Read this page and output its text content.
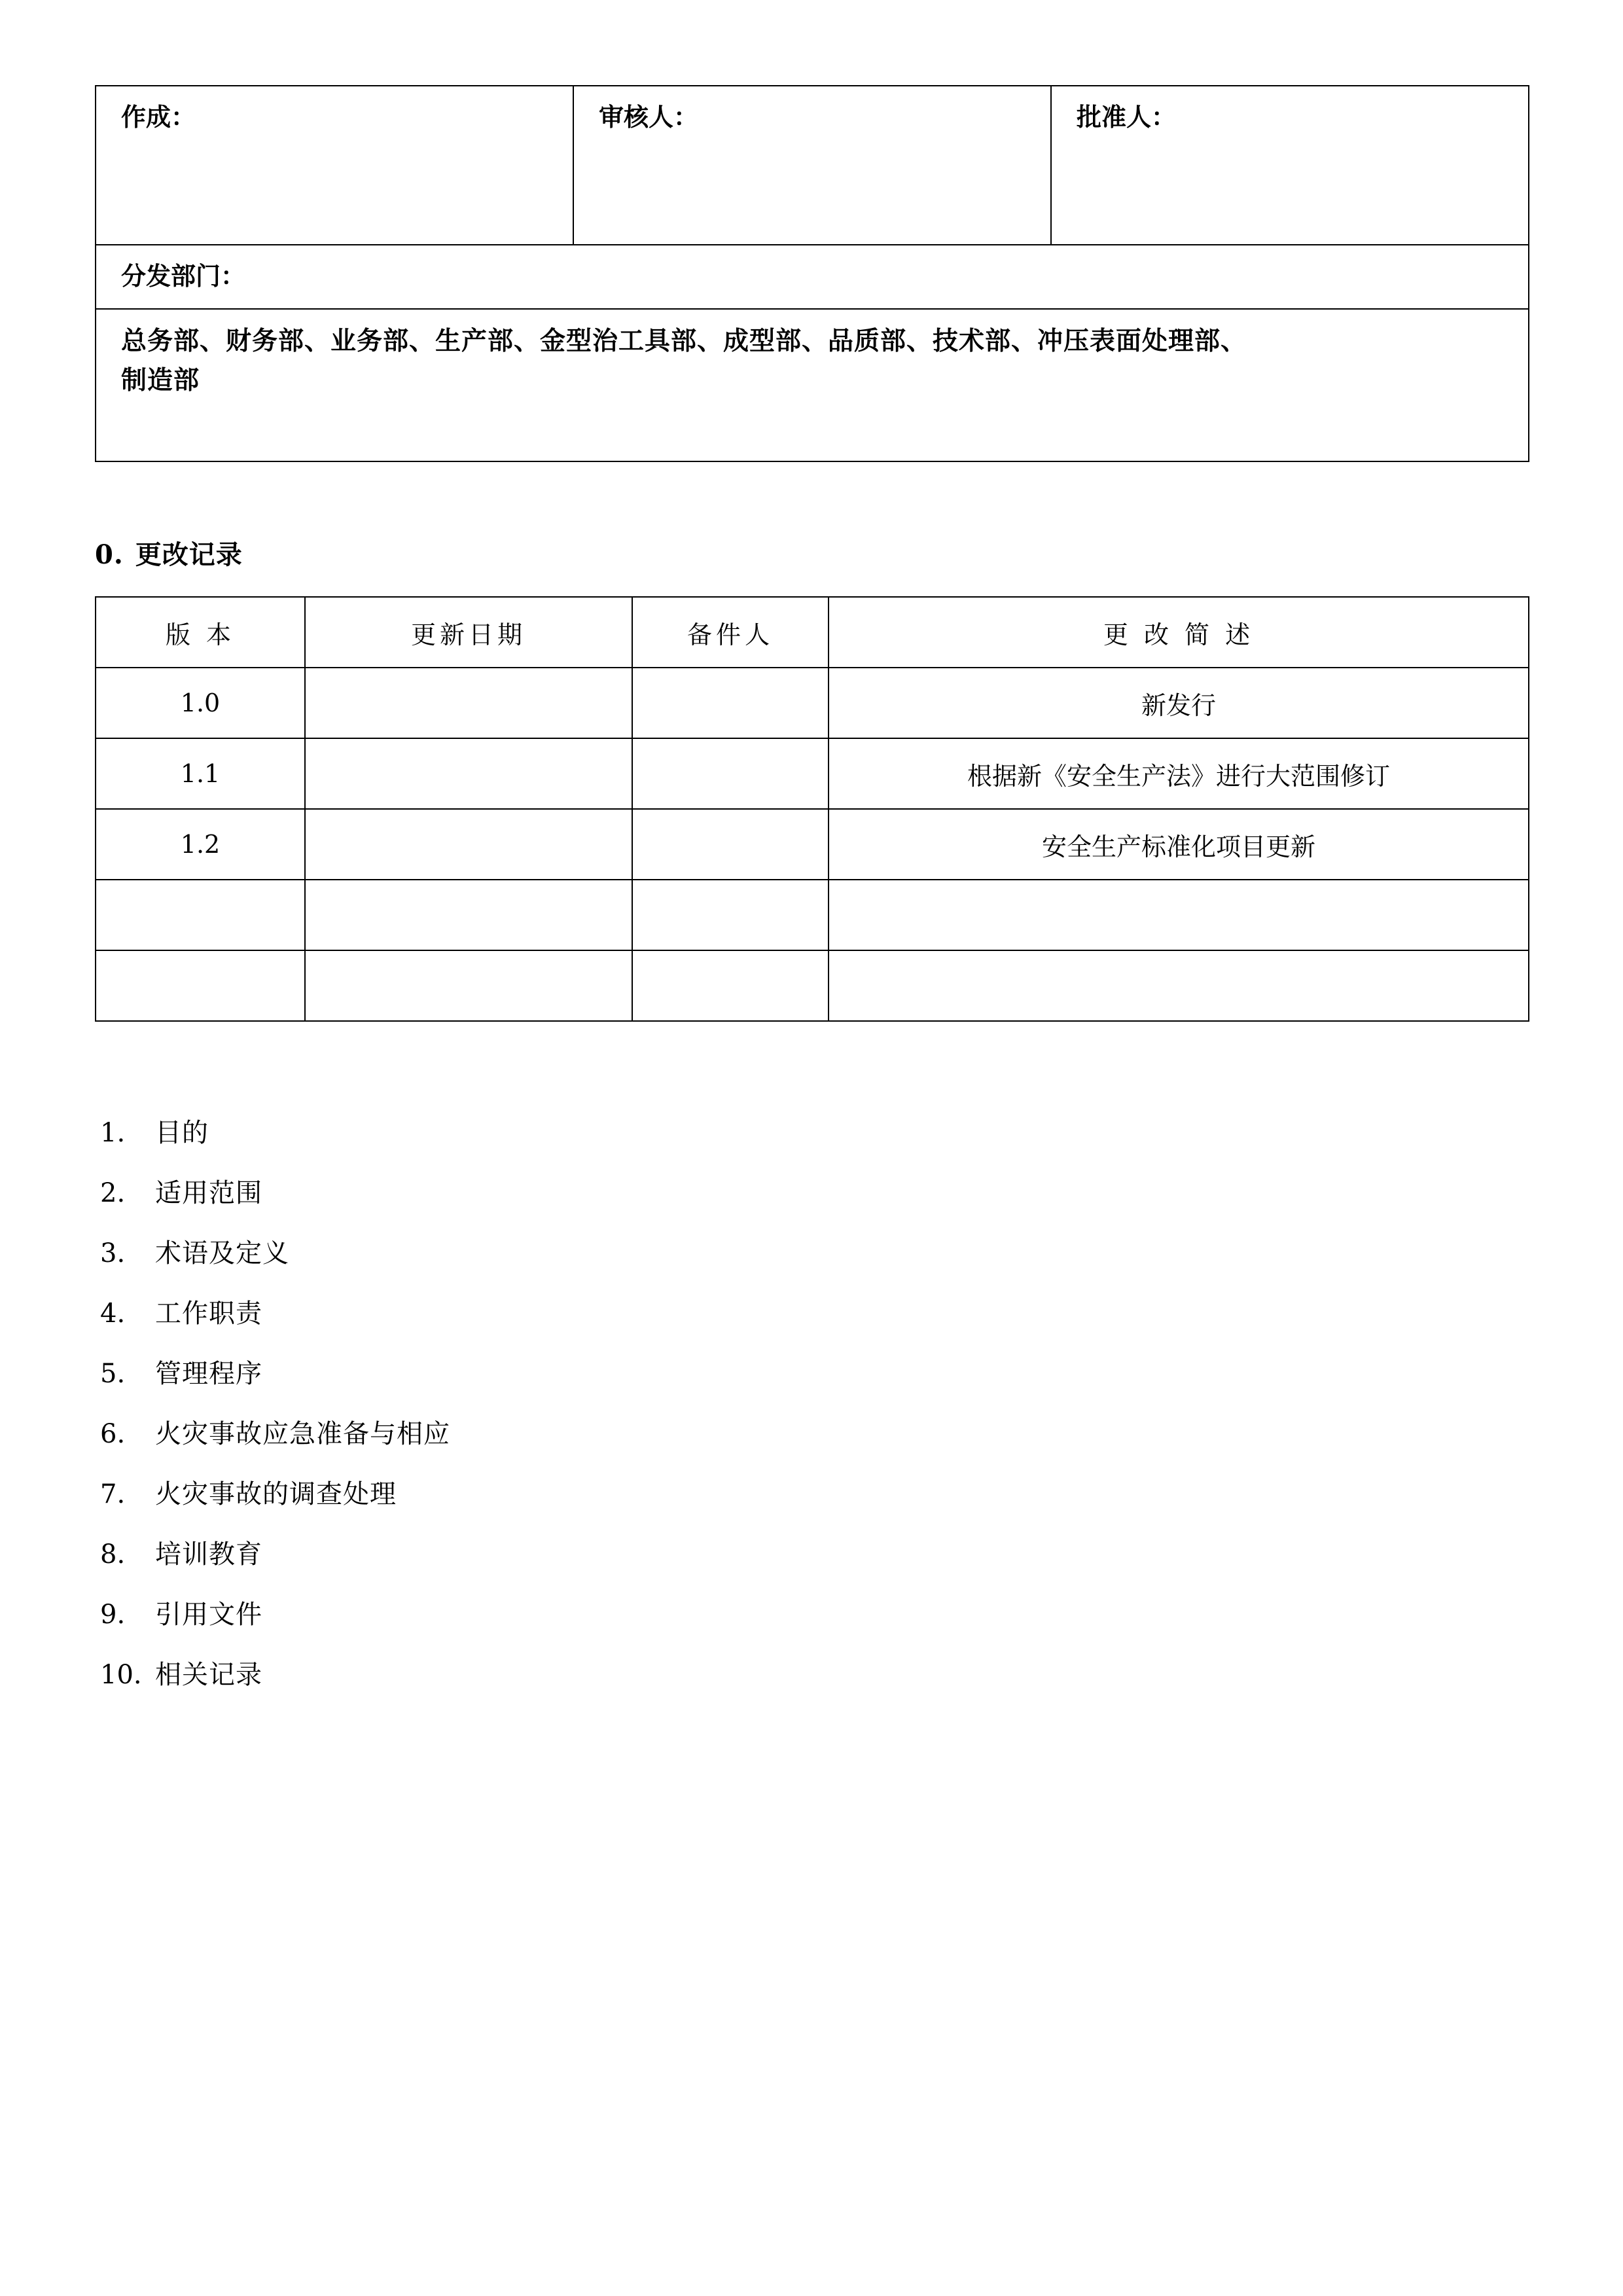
作成：	审核人：	批准人：
分发部门：

总务部、财务部、业务部、生产部、金型治工具部、成型部、品质部、技术部、冲压表面处理部、
制造部
0. 更改记录
版 本	更新日期	备件人	更 改 简 述
1.0			新发行
1.1			根据新《安全生产法》进行大范围修订
1.2			安全生产标准化项目更新

1.	目的
2.	适用范围
3.	术语及定义
4.	工作职责
5.	管理程序
6.	火灾事故应急准备与相应
7.	火灾事故的调查处理
8.	培训教育
9.	引用文件
10. 相关记录
